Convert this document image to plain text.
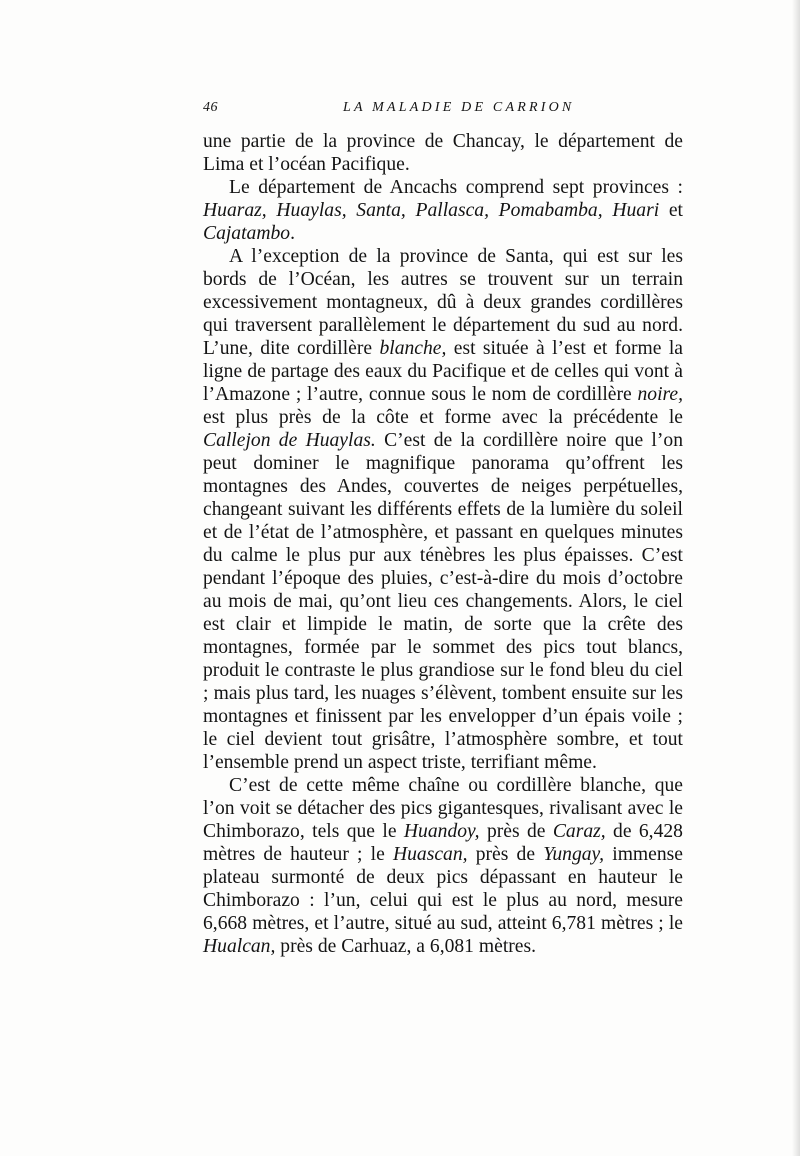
46	LA MALADIE DE CARRION

une partie de la province de Chancay, le département de Lima et l’océan Pacifique.

Le département de Ancachs comprend sept provinces : Huaraz, Huaylas, Santa, Pallasca, Pomabamba, Huari et Cajatambo.

A l’exception de la province de Santa, qui est sur les bords de l’Océan, les autres se trouvent sur un terrain excessivement montagneux, dû à deux grandes cordillères qui traversent parallèlement le département du sud au nord. L’une, dite cordillère blanche, est située à l’est et forme la ligne de partage des eaux du Pacifique et de celles qui vont à l’Amazone ; l’autre, connue sous le nom de cordillère noire, est plus près de la côte et forme avec la précédente le Callejon de Huaylas. C’est de la cordillère noire que l’on peut dominer le magnifique panorama qu’offrent les montagnes des Andes, couvertes de neiges perpétuelles, changeant suivant les différents effets de la lumière du soleil et de l’état de l’atmosphère, et passant en quelques minutes du calme le plus pur aux ténèbres les plus épaisses. C’est pendant l’époque des pluies, c’est-à-dire du mois d’octobre au mois de mai, qu’ont lieu ces changements. Alors, le ciel est clair et limpide le matin, de sorte que la crête des montagnes, formée par le sommet des pics tout blancs, produit le contraste le plus grandiose sur le fond bleu du ciel ; mais plus tard, les nuages s’élèvent, tombent ensuite sur les montagnes et finissent par les envelopper d’un épais voile ; le ciel devient tout grisâtre, l’atmosphère sombre, et tout l’ensemble prend un aspect triste, terrifiant même.

C’est de cette même chaîne ou cordillère blanche, que l’on voit se détacher des pics gigantesques, rivalisant avec le Chimborazo, tels que le Huandoy, près de Caraz, de 6,428 mètres de hauteur ; le Huascan, près de Yungay, immense plateau surmonté de deux pics dépassant en hauteur le Chimborazo : l’un, celui qui est le plus au nord, mesure 6,668 mètres, et l’autre, situé au sud, atteint 6,781 mètres ; le Hualcan, près de Carhuaz, a 6,081 mètres.
